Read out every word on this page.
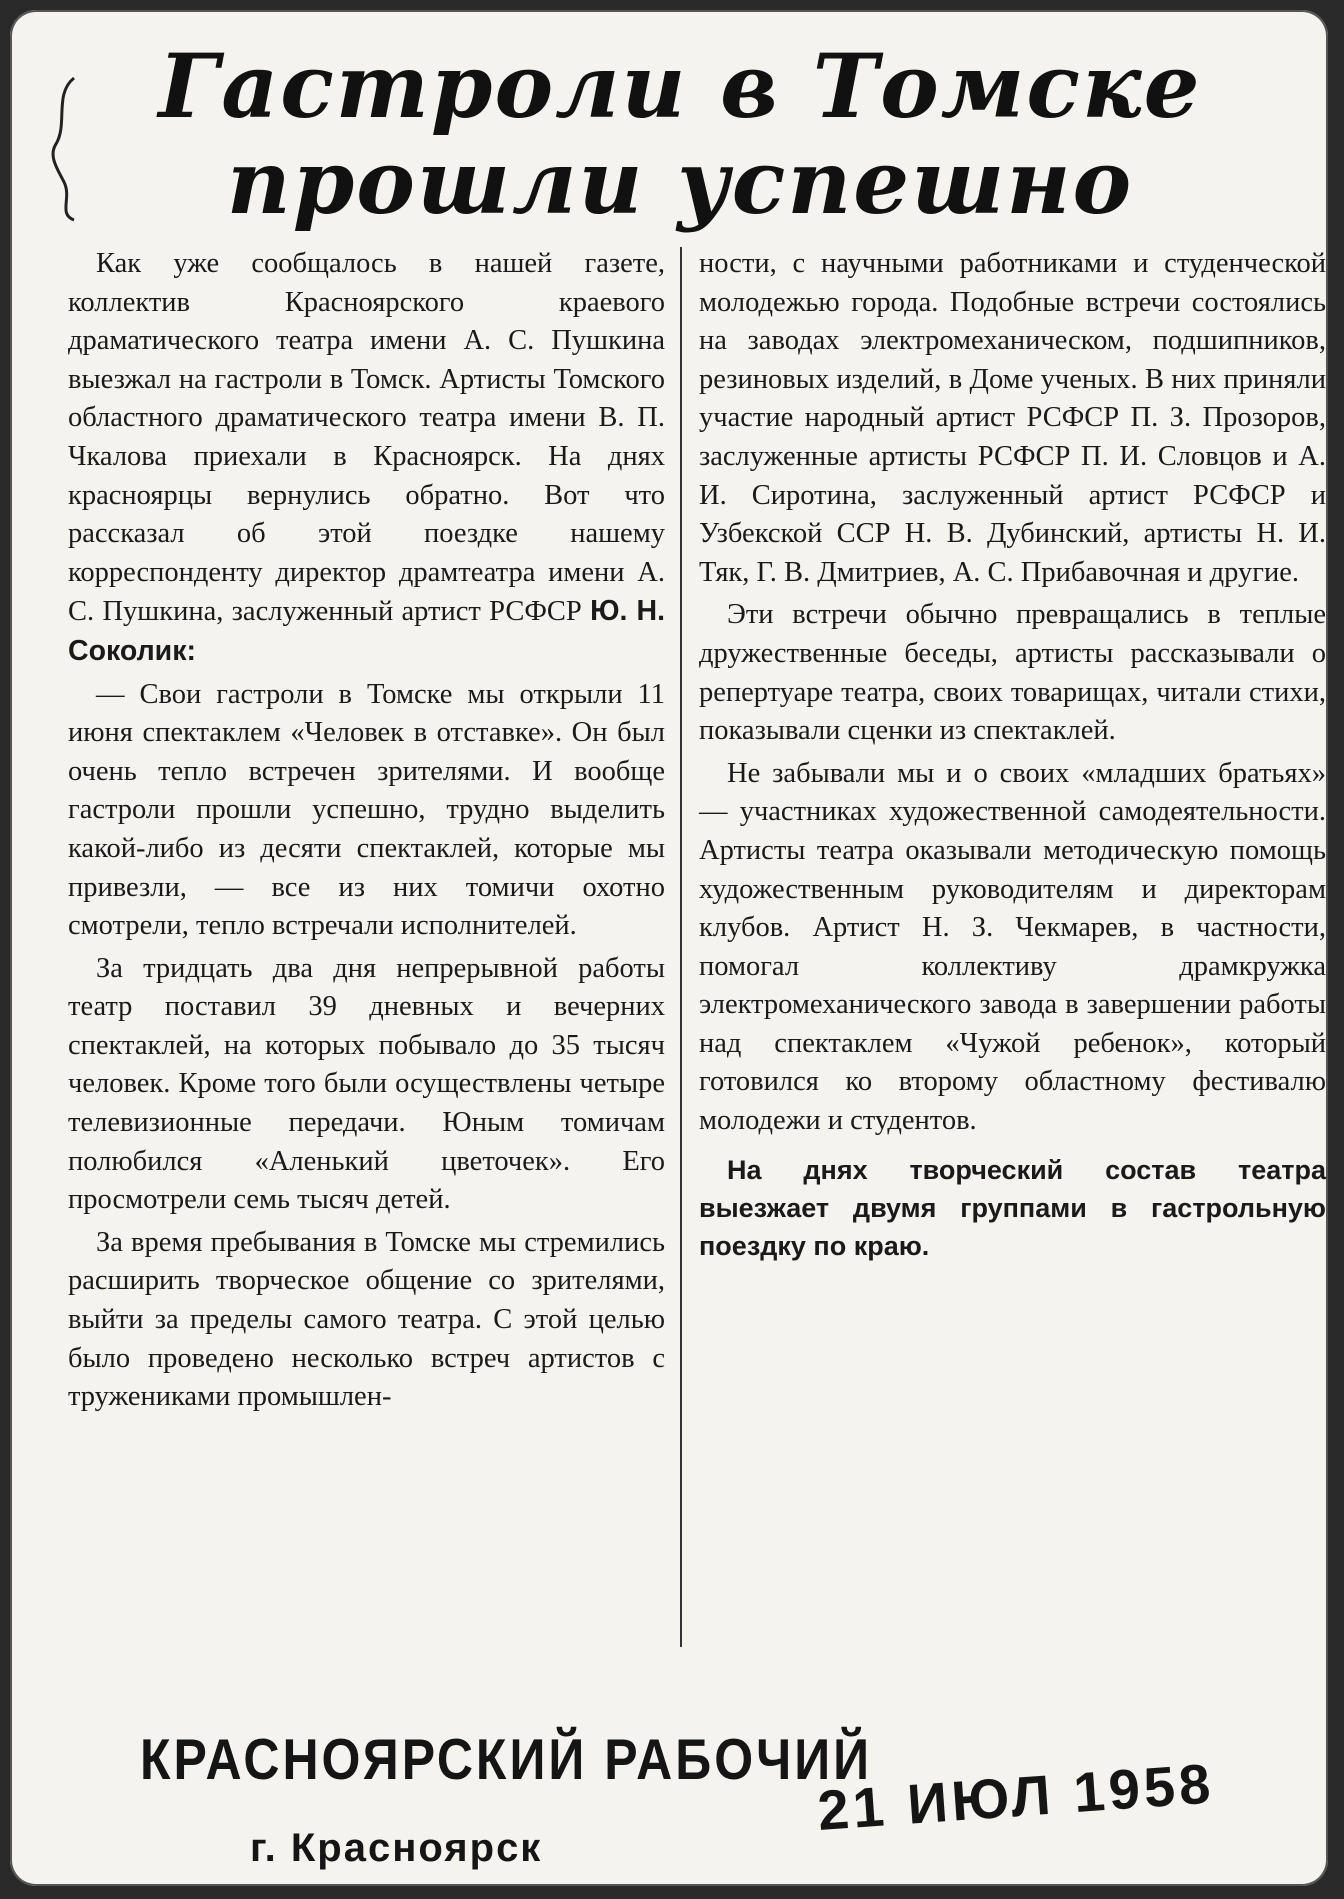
Гастроли в Томске
прошли успешно

Как уже сообщалось в нашей газете, коллектив Красноярского краевого драматического театра имени А. С. Пушкина выезжал на гастроли в Томск. Артисты Томского областного драматического театра имени В. П. Чкалова приехали в Красноярск. На днях красноярцы вернулись обратно. Вот что рассказал об этой поездке нашему корреспонденту директор драмтеатра имени А. С. Пушкина, заслуженный артист РСФСР Ю. Н. Соколик:

— Свои гастроли в Томске мы открыли 11 июня спектаклем «Человек в отставке». Он был очень тепло встречен зрителями. И вообще гастроли прошли успешно, трудно выделить какой-либо из десяти спектаклей, которые мы привезли, — все из них томичи охотно смотрели, тепло встречали исполнителей.

За тридцать два дня непрерывной работы театр поставил 39 дневных и вечерних спектаклей, на которых побывало до 35 тысяч человек. Кроме того были осуществлены четыре телевизионные передачи. Юным томичам полюбился «Аленький цветочек». Его просмотрели семь тысяч детей.

За время пребывания в Томске мы стремились расширить творческое общение со зрителями, выйти за пределы самого театра. С этой целью было проведено несколько встреч артистов с тружениками промышлен-

ности, с научными работниками и студенческой молодежью города. Подобные встречи состоялись на заводах электромеханическом, подшипников, резиновых изделий, в Доме ученых. В них приняли участие народный артист РСФСР П. З. Прозоров, заслуженные артисты РСФСР П. И. Словцов и А. И. Сиротина, заслуженный артист РСФСР и Узбекской ССР Н. В. Дубинский, артисты Н. И. Тяк, Г. В. Дмитриев, А. С. Прибавочная и другие.

Эти встречи обычно превращались в теплые дружественные беседы, артисты рассказывали о репертуаре театра, своих товарищах, читали стихи, показывали сценки из спектаклей.

Не забывали мы и о своих «младших братьях» — участниках художественной самодеятельности. Артисты театра оказывали методическую помощь художественным руководителям и директорам клубов. Артист Н. З. Чекмарев, в частности, помогал коллективу драмкружка электромеханического завода в завершении работы над спектаклем «Чужой ребенок», который готовился ко второму областному фестивалю молодежи и студентов.

На днях творческий состав театра выезжает двумя группами в гастрольную поездку по краю.

КРАСНОЯРСКИЙ РАБОЧИЙ
г. Красноярск
21 ИЮЛ 1958
